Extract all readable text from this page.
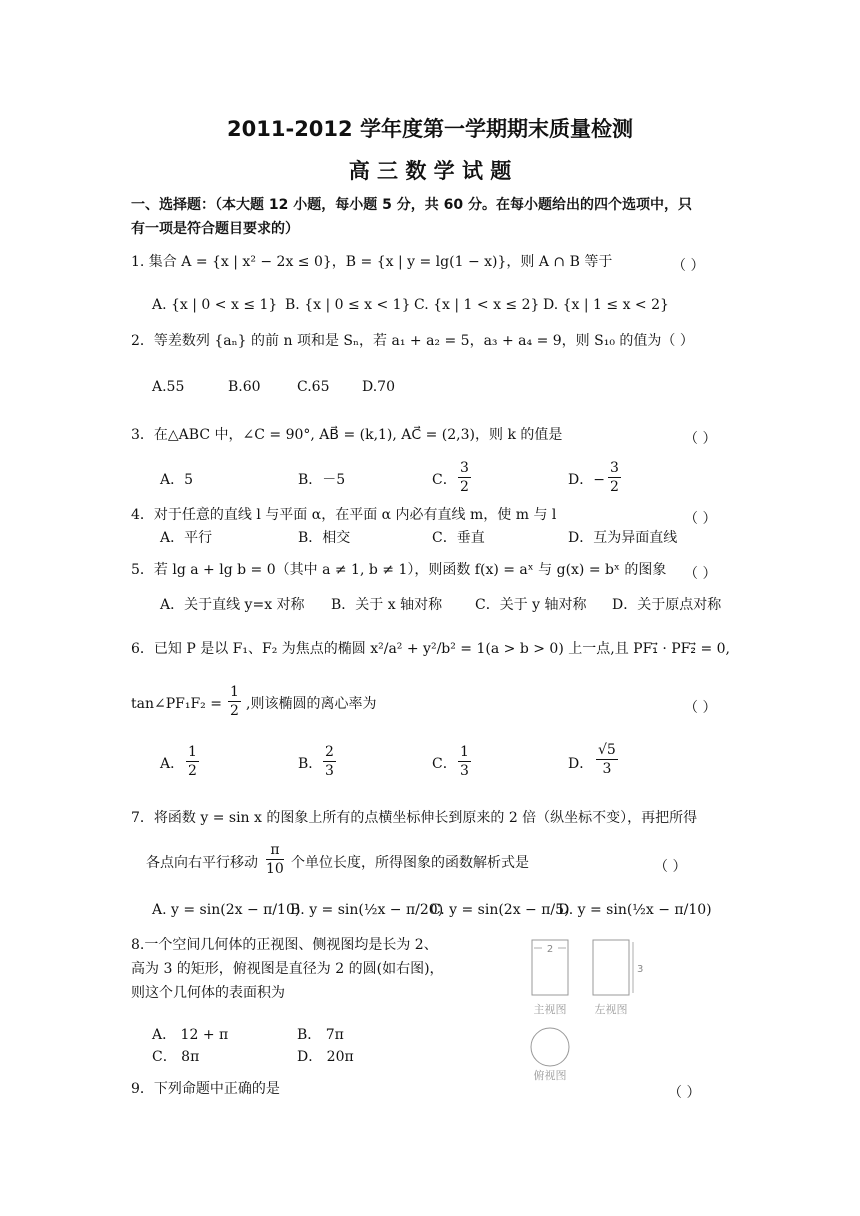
2011-2012 学年度第一学期期末质量检测
高 三 数 学 试 题
一、选择题：（本大题 12 小题，每小题 5 分，共 60 分。在每小题给出的四个选项中，只
有一项是符合题目要求的）
1. 集合 A = {x | x² − 2x ≤ 0}，B = {x | y = lg(1 − x)}，则 A ∩ B 等于	（ ）
A. {x | 0 < x ≤ 1} B. {x | 0 ≤ x < 1} C. {x | 1 < x ≤ 2} D. {x | 1 ≤ x < 2}
2．等差数列 {aₙ} 的前 n 项和是 Sₙ，若 a₁ + a₂ = 5，a₃ + a₄ = 9，则 S₁₀ 的值为（ ）
A.55	B.60	C.65 D.70
3．在△ABC 中，∠C = 90°, AB⃗ = (k,1), AC⃗ = (2,3)，则 k 的值是	（ ）
A．5	B．－5	C．
3
2	D．−
3
2
4．对于任意的直线 l 与平面 α，在平面 α 内必有直线 m，使 m 与 l	（ ）
A．平行	B．相交	C．垂直	D．互为异面直线
5．若 lg a + lg b = 0（其中 a ≠ 1, b ≠ 1），则函数 f(x) = aˣ 与 g(x) = bˣ 的图象 （ ）
A．关于直线 y=x 对称 B．关于 x 轴对称 C．关于 y 轴对称 D．关于原点对称
6．已知 P 是以 F₁、F₂ 为焦点的椭圆 x²/a² + y²/b² = 1(a > b > 0) 上一点,且 PF₁⃗ · PF₂⃗ = 0,
tan∠PF₁F₂ =
1
2 ,则该椭圆的离心率为	（ ）
A．
1
2	B．
2
3	C．
1
3	D．
√5
3
7．将函数 y = sin x 的图象上所有的点横坐标伸长到原来的 2 倍（纵坐标不变），再把所得
各点向右平行移动
π
10 个单位长度，所得图象的函数解析式是	（ ）
A. y = sin(2x − π/10)
B. y = sin(½x − π/20)
C. y = sin(2x − π/5)
D. y = sin(½x − π/10)
8.一个空间几何体的正视图、侧视图均是长为 2、
高为 3 的矩形，俯视图是直径为 2 的圆(如右图)，
则这个几何体的表面积为
A． 12 + π	B． 7π
C． 8π	D． 20π
2
主视图
3
左视图
俯视图
9．下列命题中正确的是	（ ）
